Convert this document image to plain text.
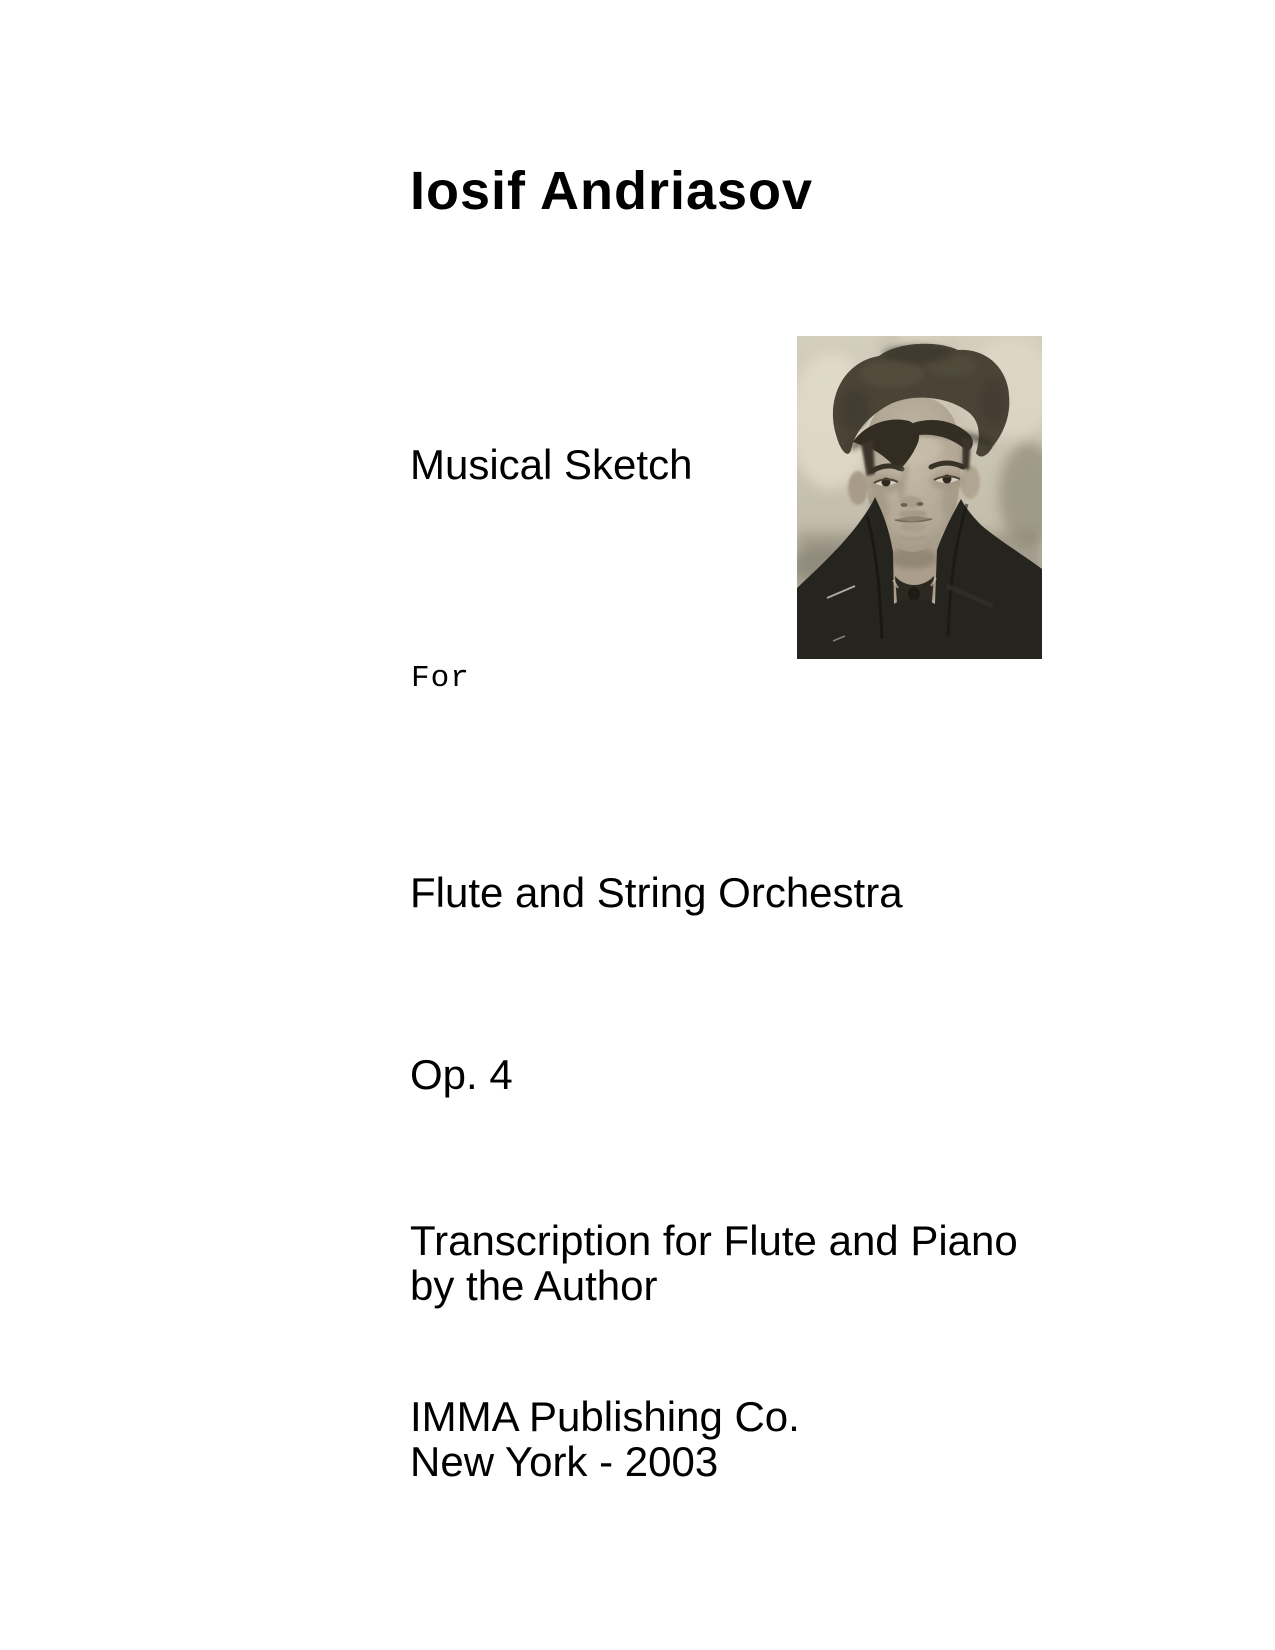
Iosif Andriasov
Musical Sketch
For
Flute and String Orchestra
Op. 4
Transcription for Flute and Piano
by the Author
IMMA Publishing Co.
New York - 2003
